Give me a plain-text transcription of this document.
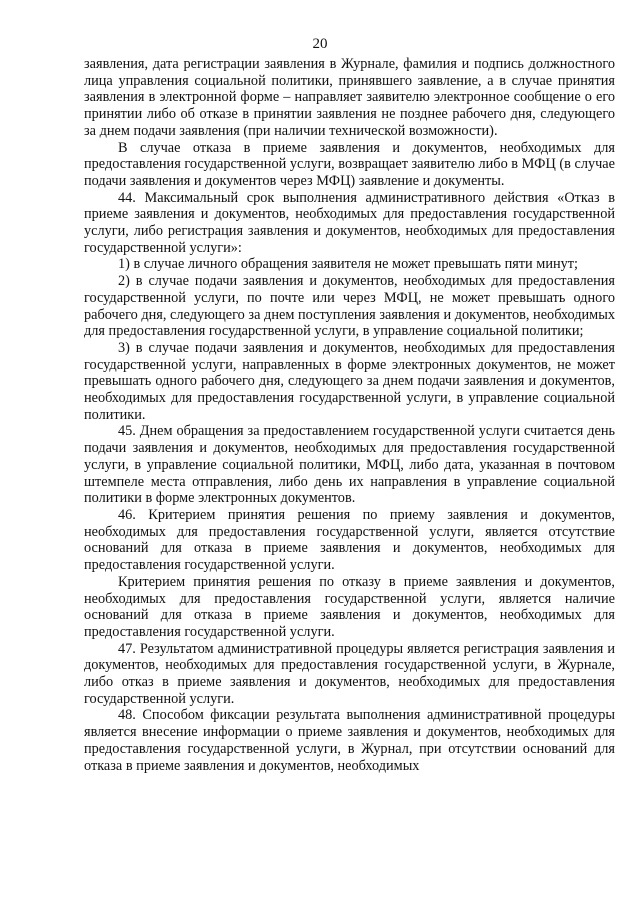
20

заявления, дата регистрации заявления в Журнале, фамилия и подпись должностного лица управления социальной политики, принявшего заявление, а в случае принятия заявления в электронной форме – направляет заявителю электронное сообщение о его принятии либо об отказе в принятии заявления не позднее рабочего дня, следующего за днем подачи заявления (при наличии технической возможности).

В случае отказа в приеме заявления и документов, необходимых для предоставления государственной услуги, возвращает заявителю либо в МФЦ (в случае подачи заявления и документов через МФЦ) заявление и документы.

44. Максимальный срок выполнения административного действия «Отказ в приеме заявления и документов, необходимых для предоставления государственной услуги, либо регистрация заявления и документов, необходимых для предоставления государственной услуги»:

1) в случае личного обращения заявителя не может превышать пяти минут;

2) в случае подачи заявления и документов, необходимых для предоставления государственной услуги, по почте или через МФЦ, не может превышать одного рабочего дня, следующего за днем поступления заявления и документов, необходимых для предоставления государственной услуги, в управление социальной политики;

3) в случае подачи заявления и документов, необходимых для предоставления государственной услуги, направленных в форме электронных документов, не может превышать одного рабочего дня, следующего за днем подачи заявления и документов, необходимых для предоставления государственной услуги, в управление социальной политики.

45. Днем обращения за предоставлением государственной услуги считается день подачи заявления и документов, необходимых для предоставления государственной услуги, в управление социальной политики, МФЦ, либо дата, указанная в почтовом штемпеле места отправления, либо день их направления в управление социальной политики в форме электронных документов.

46. Критерием принятия решения по приему заявления и документов, необходимых для предоставления государственной услуги, является отсутствие оснований для отказа в приеме заявления и документов, необходимых для предоставления государственной услуги.

Критерием принятия решения по отказу в приеме заявления и документов, необходимых для предоставления государственной услуги, является наличие оснований для отказа в приеме заявления и документов, необходимых для предоставления государственной услуги.

47. Результатом административной процедуры является регистрация заявления и документов, необходимых для предоставления государственной услуги, в Журнале, либо отказ в приеме заявления и документов, необходимых для предоставления государственной услуги.

48. Способом фиксации результата выполнения административной процедуры является внесение информации о приеме заявления и документов, необходимых для предоставления государственной услуги, в Журнал, при отсутствии оснований для отказа в приеме заявления и документов, необходимых
